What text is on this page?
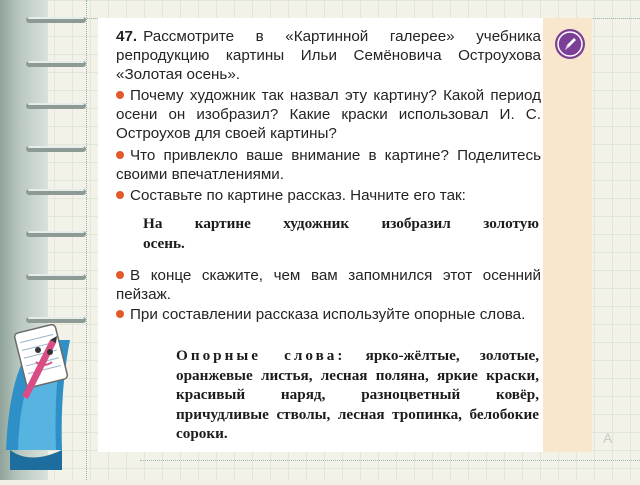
47. Рассмотрите в «Картинной галерее» учебника репродукцию картины Ильи Семёновича Остроухова «Золотая осень».

Почему художник так назвал эту картину? Какой период осени он изобразил? Какие краски использовал И. С. Остроухов для своей картины?

Что привлекло ваше внимание в картине? Поделитесь своими впечатлениями.

Составьте по картине рассказ. Начните его так:

На картине художник изобразил золотую осень.

В конце скажите, чем вам запомнился этот осенний пейзаж.

При составлении рассказа используйте опорные слова.

Опорные слова: ярко-жёлтые, золотые, оранжевые листья, лесная поляна, яркие краски, красивый наряд, разноцветный ковёр, причудливые стволы, лесная тропинка, белобокие сороки.	А
